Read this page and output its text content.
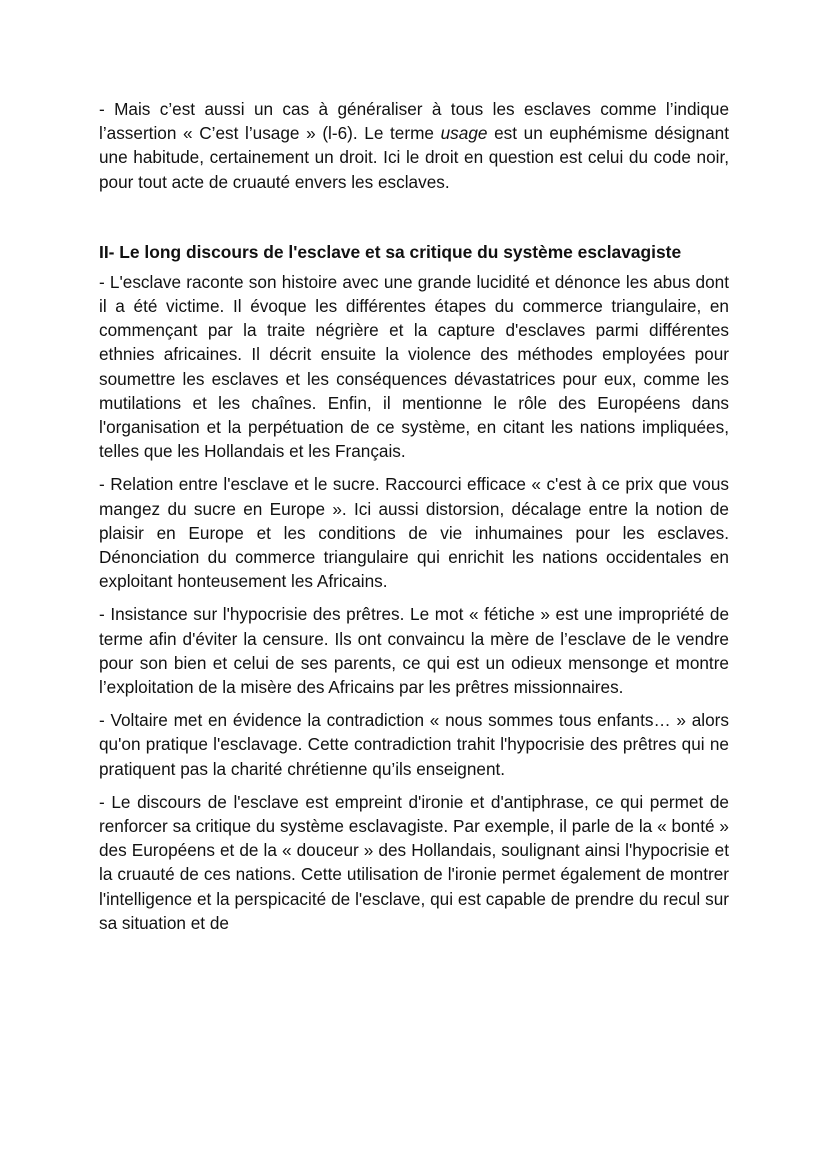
- Mais c’est aussi un cas à généraliser à tous les esclaves comme l’indique l’assertion « C’est l’usage » (l-6). Le terme usage est un euphémisme désignant une habitude, certainement un droit. Ici le droit en question est celui du code noir, pour tout acte de cruauté envers les esclaves.

II- Le long discours de l'esclave et sa critique du système esclavagiste

- L'esclave raconte son histoire avec une grande lucidité et dénonce les abus dont il a été victime. Il évoque les différentes étapes du commerce triangulaire, en commençant par la traite négrière et la capture d'esclaves parmi différentes ethnies africaines. Il décrit ensuite la violence des méthodes employées pour soumettre les esclaves et les conséquences dévastatrices pour eux, comme les mutilations et les chaînes. Enfin, il mentionne le rôle des Européens dans l'organisation et la perpétuation de ce système, en citant les nations impliquées, telles que les Hollandais et les Français.

- Relation entre l'esclave et le sucre. Raccourci efficace « c'est à ce prix que vous mangez du sucre en Europe ». Ici aussi distorsion, décalage entre la notion de plaisir en Europe et les conditions de vie inhumaines pour les esclaves. Dénonciation du commerce triangulaire qui enrichit les nations occidentales en exploitant honteusement les Africains.

- Insistance sur l'hypocrisie des prêtres. Le mot « fétiche » est une impropriété de terme afin d'éviter la censure. Ils ont convaincu la mère de l’esclave de le vendre pour son bien et celui de ses parents, ce qui est un odieux mensonge et montre l’exploitation de la misère des Africains par les prêtres missionnaires.

- Voltaire met en évidence la contradiction « nous sommes tous enfants… » alors qu'on pratique l'esclavage. Cette contradiction trahit l'hypocrisie des prêtres qui ne pratiquent pas la charité chrétienne qu’ils enseignent.

- Le discours de l'esclave est empreint d'ironie et d'antiphrase, ce qui permet de renforcer sa critique du système esclavagiste. Par exemple, il parle de la « bonté » des Européens et de la « douceur » des Hollandais, soulignant ainsi l'hypocrisie et la cruauté de ces nations. Cette utilisation de l'ironie permet également de montrer l'intelligence et la perspicacité de l'esclave, qui est capable de prendre du recul sur sa situation et de
